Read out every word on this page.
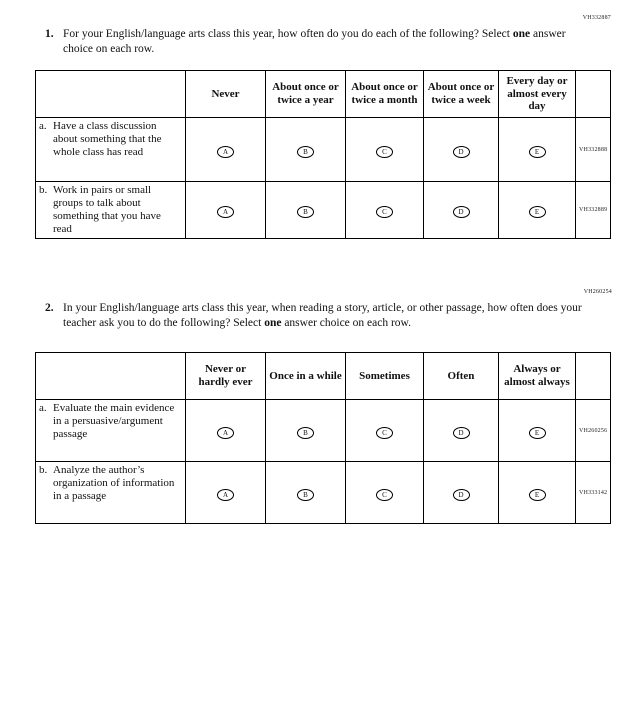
VH332887
1. For your English/language arts class this year, how often do you do each of the following? Select one answer choice on each row.
	Never	About once or twice a year	About once or twice a month	About once or twice a week	Every day or almost every day	

a. Have a class discussion about something that the whole class has read	A	B	C	D	E	VH332888

b. Work in pairs or small groups to talk about something that you have read	A	B	C	D	E	VH332889
VH260254
2. In your English/language arts class this year, when reading a story, article, or other passage, how often does your teacher ask you to do the following? Select one answer choice on each row.
	Never or hardly ever	Once in a while	Sometimes	Often	Always or almost always	

a. Evaluate the main evidence in a persuasive/argument passage	A	B	C	D	E	VH260256

b. Analyze the author’s organization of information in a passage	A	B	C	D	E	VH333142
